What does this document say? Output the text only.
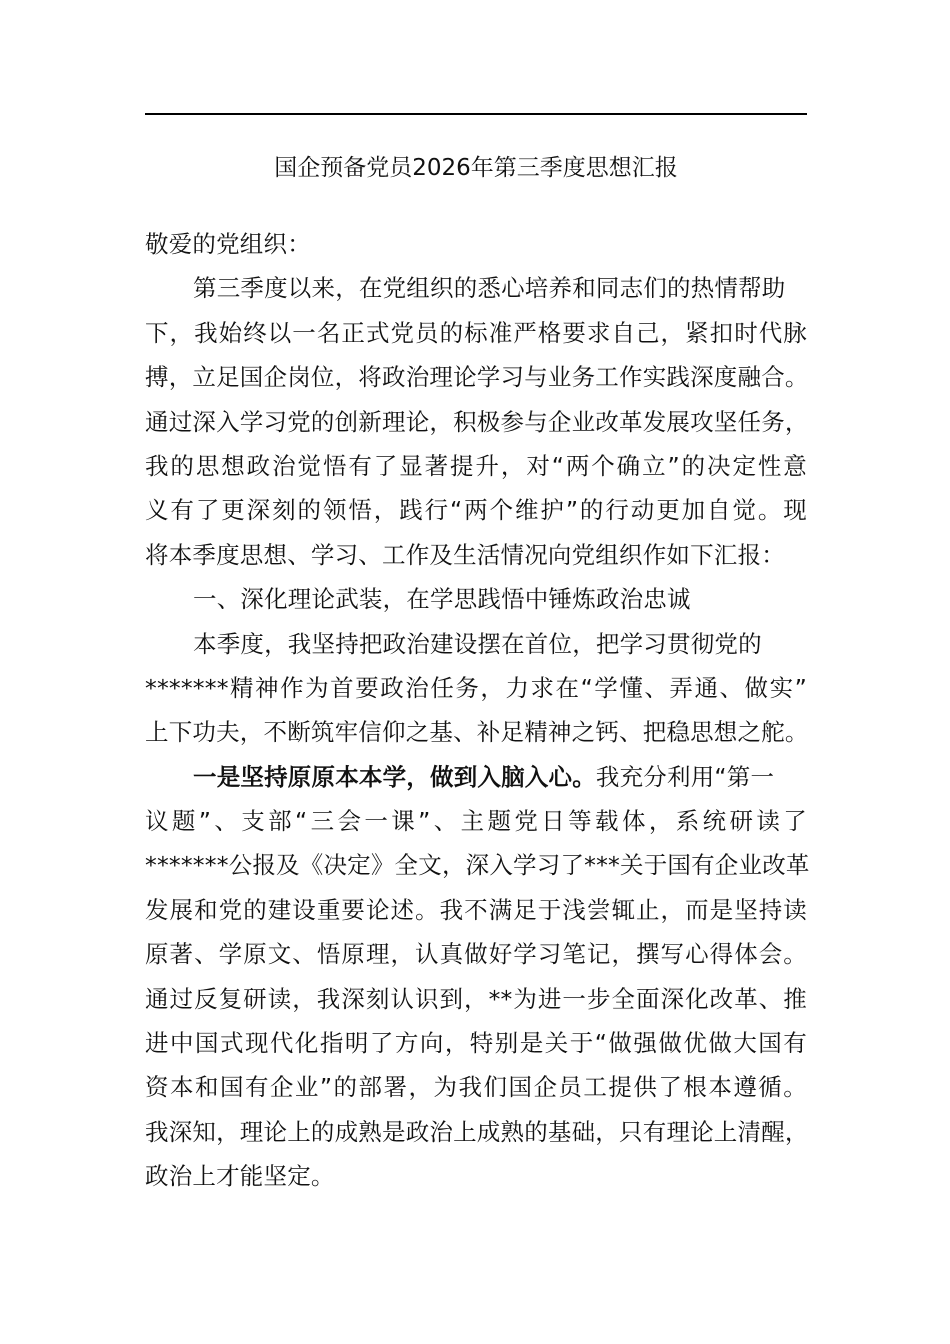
国企预备党员2026年第三季度思想汇报
敬爱的党组织：
第三季度以来，在党组织的悉心培养和同志们的热情帮助
下，我始终以一名正式党员的标准严格要求自己，紧扣时代脉
搏，立足国企岗位，将政治理论学习与业务工作实践深度融合。
通过深入学习党的创新理论，积极参与企业改革发展攻坚任务，
我的思想政治觉悟有了显著提升，对“两个确立”的决定性意
义有了更深刻的领悟，践行“两个维护”的行动更加自觉。现
将本季度思想、学习、工作及生活情况向党组织作如下汇报：
一、深化理论武装，在学思践悟中锤炼政治忠诚
本季度，我坚持把政治建设摆在首位，把学习贯彻党的
*******精神作为首要政治任务，力求在“学懂、弄通、做实”
上下功夫，不断筑牢信仰之基、补足精神之钙、把稳思想之舵。
一是坚持原原本本学，做到入脑入心。我充分利用“第一
议题”、支部“三会一课”、主题党日等载体，系统研读了
*******公报及《决定》全文，深入学习了***关于国有企业改革
发展和党的建设重要论述。我不满足于浅尝辄止，而是坚持读
原著、学原文、悟原理，认真做好学习笔记，撰写心得体会。
通过反复研读，我深刻认识到，**为进一步全面深化改革、推
进中国式现代化指明了方向，特别是关于“做强做优做大国有
资本和国有企业”的部署，为我们国企员工提供了根本遵循。
我深知，理论上的成熟是政治上成熟的基础，只有理论上清醒，
政治上才能坚定。
